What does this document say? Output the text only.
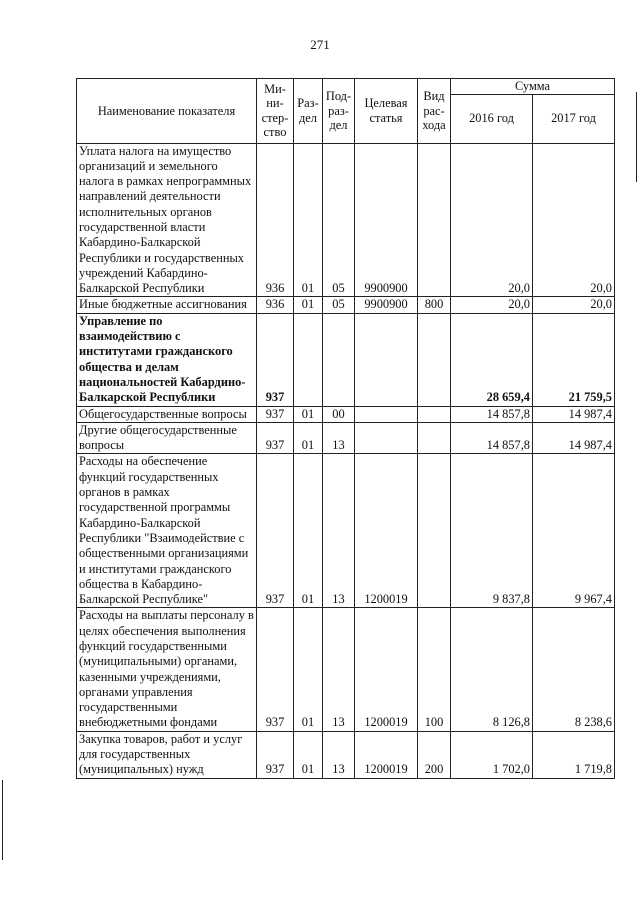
271
Наименование показателя	Ми-ни-стер-ство	Раз-дел	Под-раз-дел	Целевая статья	Вид рас-хода	Сумма	
						2016 год	2017 год
Уплата налога на имущество организаций и земельного налога в рамках непрограммных направлений деятельности исполнительных органов государственной власти Кабардино-Балкарской Республики и государственных учреждений Кабардино-Балкарской Республики	936	01	05	9900900		20,0	20,0
Иные бюджетные ассигнования	936	01	05	9900900	800	20,0	20,0
Управление по взаимодействию с институтами гражданского общества и делам национальностей Кабардино-Балкарской Республики	937					28 659,4	21 759,5
Общегосударственные вопросы	937	01	00			14 857,8	14 987,4
Другие общегосударственные вопросы	937	01	13			14 857,8	14 987,4
Расходы на обеспечение функций государственных органов в рамках государственной программы Кабардино-Балкарской Республики "Взаимодействие с общественными организациями и институтами гражданского общества в Кабардино-Балкарской Республике"	937	01	13	1200019		9 837,8	9 967,4
Расходы на выплаты персоналу в целях обеспечения выполнения функций государственными (муниципальными) органами, казенными учреждениями, органами управления государственными внебюджетными фондами	937	01	13	1200019	100	8 126,8	8 238,6
Закупка товаров, работ и услуг для государственных (муниципальных) нужд	937	01	13	1200019	200	1 702,0	1 719,8
